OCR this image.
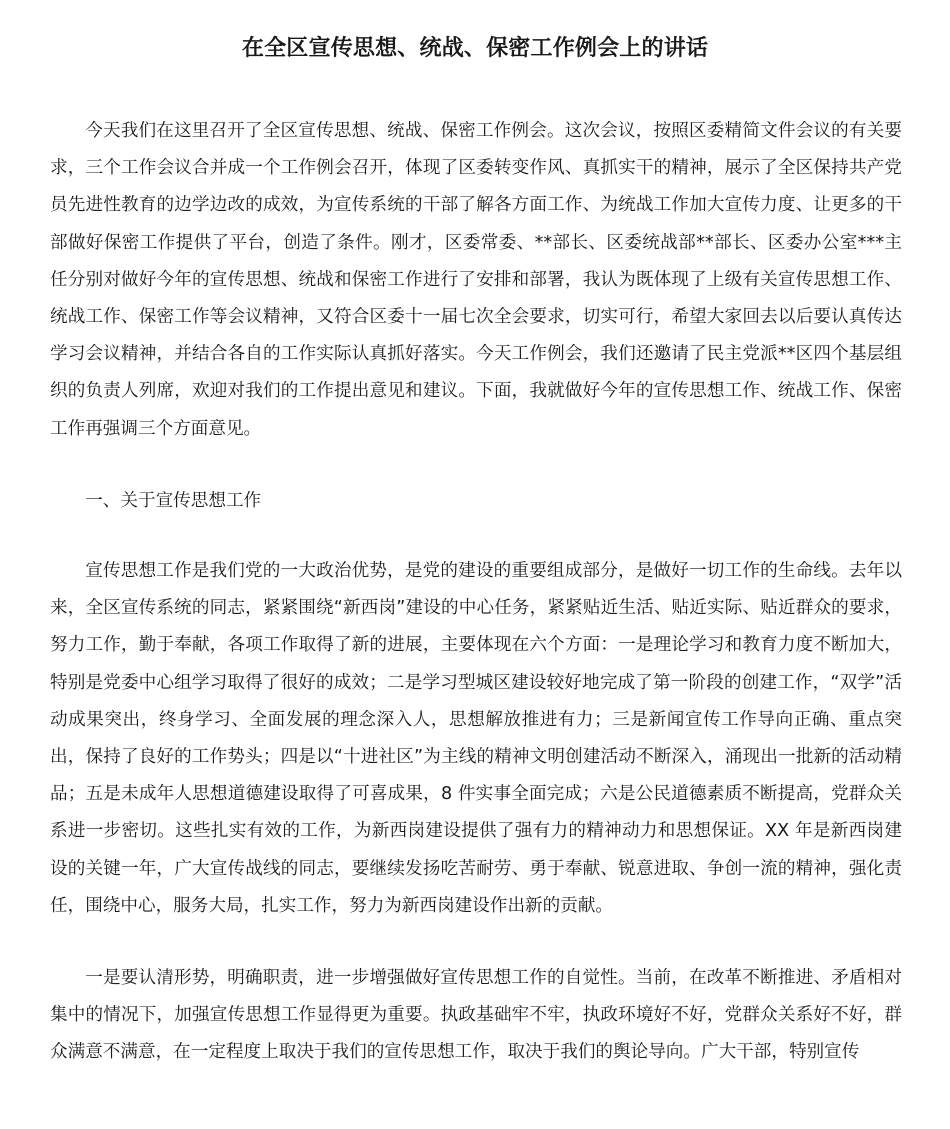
在全区宣传思想、统战、保密工作例会上的讲话

今天我们在这里召开了全区宣传思想、统战、保密工作例会。这次会议，按照区委精简文件会议的有关要求，三个工作会议合并成一个工作例会召开，体现了区委转变作风、真抓实干的精神，展示了全区保持共产党员先进性教育的边学边改的成效，为宣传系统的干部了解各方面工作、为统战工作加大宣传力度、让更多的干部做好保密工作提供了平台，创造了条件。刚才，区委常委、**部长、区委统战部**部长、区委办公室***主任分别对做好今年的宣传思想、统战和保密工作进行了安排和部署，我认为既体现了上级有关宣传思想工作、统战工作、保密工作等会议精神，又符合区委十一届七次全会要求，切实可行，希望大家回去以后要认真传达学习会议精神，并结合各自的工作实际认真抓好落实。今天工作例会，我们还邀请了民主党派**区四个基层组织的负责人列席，欢迎对我们的工作提出意见和建议。下面，我就做好今年的宣传思想工作、统战工作、保密工作再强调三个方面意见。

一、关于宣传思想工作

宣传思想工作是我们党的一大政治优势，是党的建设的重要组成部分，是做好一切工作的生命线。去年以来，全区宣传系统的同志，紧紧围绕“新西岗”建设的中心任务，紧紧贴近生活、贴近实际、贴近群众的要求，努力工作，勤于奉献，各项工作取得了新的进展，主要体现在六个方面：一是理论学习和教育力度不断加大，特别是党委中心组学习取得了很好的成效；二是学习型城区建设较好地完成了第一阶段的创建工作，“双学”活动成果突出，终身学习、全面发展的理念深入人，思想解放推进有力；三是新闻宣传工作导向正确、重点突出，保持了良好的工作势头；四是以“十进社区”为主线的精神文明创建活动不断深入，涌现出一批新的活动精品；五是未成年人思想道德建设取得了可喜成果，8 件实事全面完成；六是公民道德素质不断提高，党群众关系进一步密切。这些扎实有效的工作，为新西岗建设提供了强有力的精神动力和思想保证。XX 年是新西岗建设的关键一年，广大宣传战线的同志，要继续发扬吃苦耐劳、勇于奉献、锐意进取、争创一流的精神，强化责任，围绕中心，服务大局，扎实工作，努力为新西岗建设作出新的贡献。

一是要认清形势，明确职责，进一步增强做好宣传思想工作的自觉性。当前，在改革不断推进、矛盾相对集中的情况下，加强宣传思想工作显得更为重要。执政基础牢不牢，执政环境好不好，党群众关系好不好，群众满意不满意，在一定程度上取决于我们的宣传思想工作，取决于我们的舆论导向。广大干部，特别宣传
